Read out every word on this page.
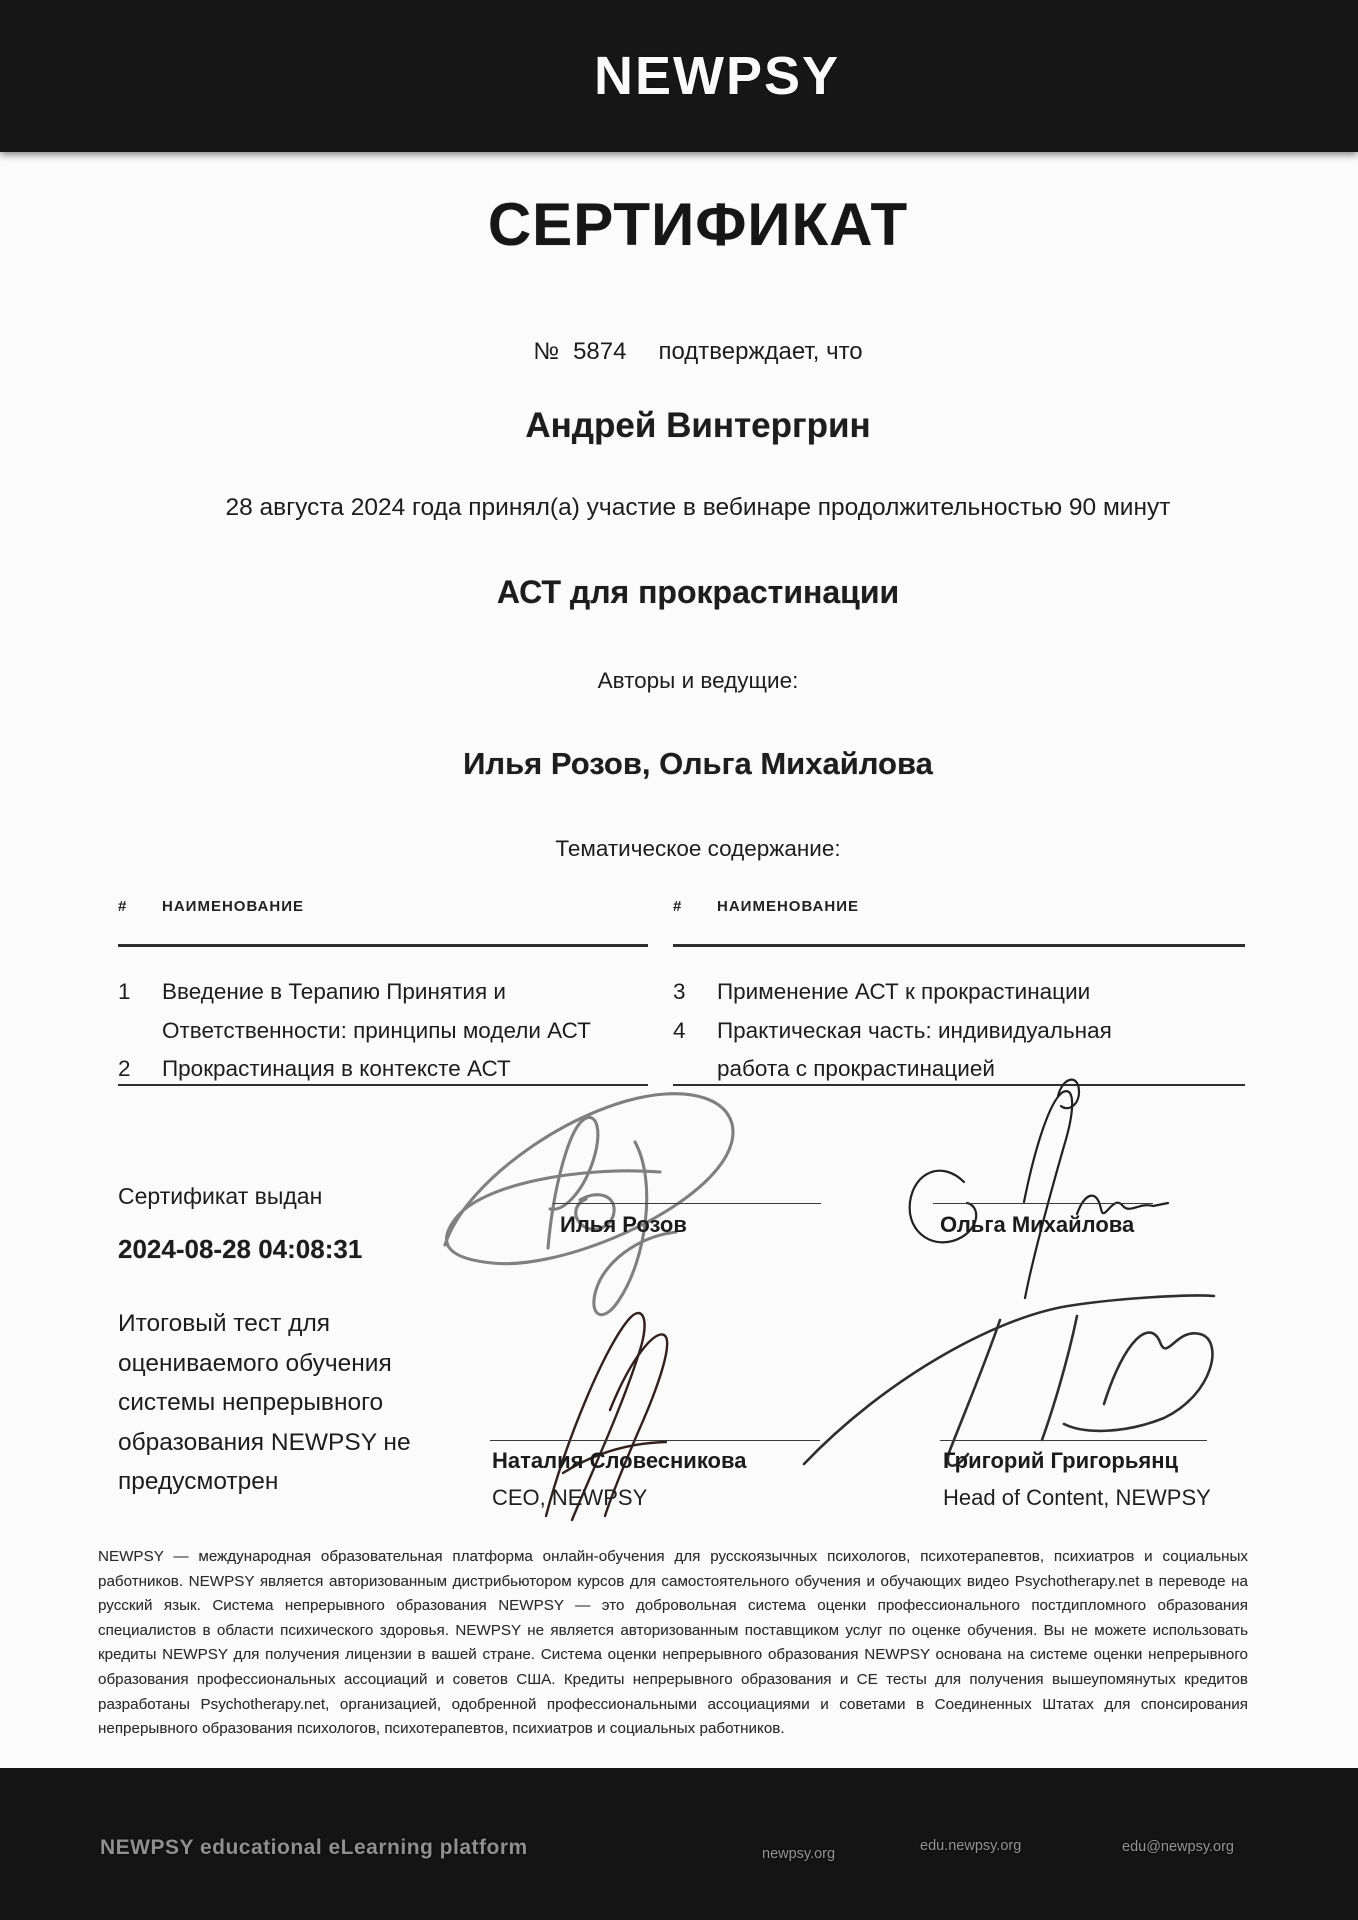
NEWPSY
СЕРТИФИКАТ
№ 5874 подтверждает, что
Андрей Винтергрин
28 августа 2024 года принял(а) участие в вебинаре продолжительностью 90 минут
АСТ для прокрастинации
Авторы и ведущие:
Илья Розов, Ольга Михайлова
Тематическое содержание:
#	НАИМЕНОВАНИЕ
1	Введение в Терапию Принятия и Ответственности: принципы модели АСТ
2	Прокрастинация в контексте АСТ
#	НАИМЕНОВАНИЕ
3	Применение АСТ к прокрастинации
4	Практическая часть: индивидуальная работа с прокрастинацией
Сертификат выдан
2024-08-28 04:08:31
Итоговый тест для оцениваемого обучения системы непрерывного образования NEWPSY не предусмотрен
Илья Розов	Ольга Михайлова
Наталия Словесникова
CEO, NEWPSY
Григорий Григорьянц
Head of Content, NEWPSY
NEWPSY — международная образовательная платформа онлайн-обучения для русскоязычных психологов, психотерапевтов, психиатров и социальных работников. NEWPSY является авторизованным дистрибьютором курсов для самостоятельного обучения и обучающих видео Psychotherapy.net в переводе на русский язык. Система непрерывного образования NEWPSY — это добровольная система оценки профессионального постдипломного образования специалистов в области психического здоровья. NEWPSY не является авторизованным поставщиком услуг по оценке обучения. Вы не можете использовать кредиты NEWPSY для получения лицензии в вашей стране. Система оценки непрерывного образования NEWPSY основана на системе оценки непрерывного образования профессиональных ассоциаций и советов США. Кредиты непрерывного образования и CE тесты для получения вышеупомянутых кредитов разработаны Psychotherapy.net, организацией, одобренной профессиональными ассоциациями и советами в Соединенных Штатах для спонсирования непрерывного образования психологов, психотерапевтов, психиатров и социальных работников.
NEWPSY educational eLearning platform	newpsy.org	edu.newpsy.org	edu@newpsy.org
